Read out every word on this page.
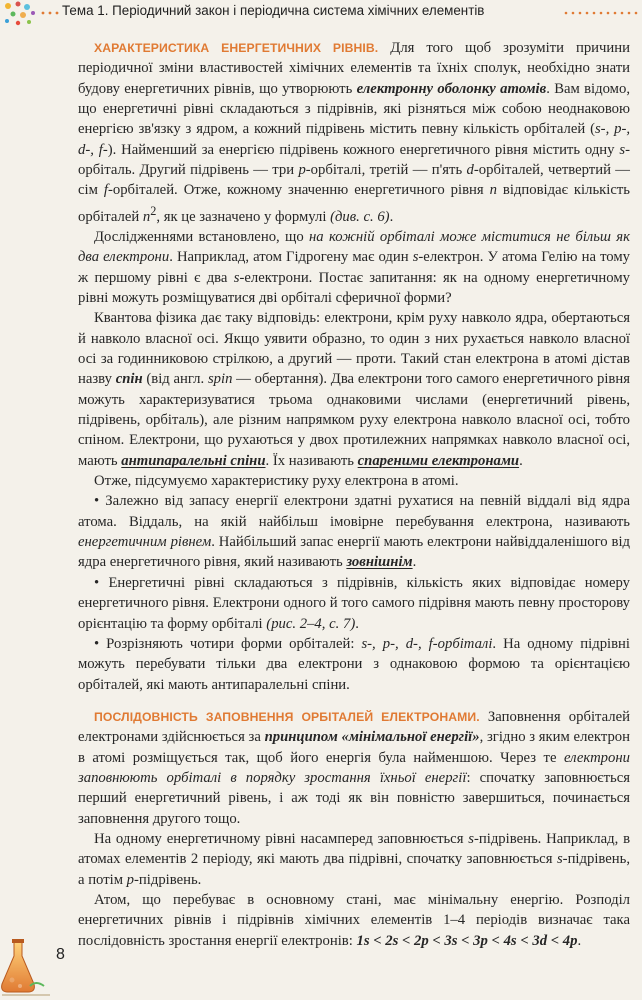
Тема 1. Періодичний закон і періодична система хімічних елементів

ХАРАКТЕРИСТИКА ЕНЕРГЕТИЧНИХ РІВНІВ. Для того щоб зрозуміти причини періодичної зміни властивостей хімічних елементів та їхніх сполук, необхідно знати будову енергетичних рівнів, що утворюють електронну оболонку атомів. Вам відомо, що енергетичні рівні складаються з підрівнів, які різняться між собою неоднаковою енергією зв'язку з ядром, а кожний підрівень містить певну кількість орбіталей (s-, p-, d-, f-). Найменший за енергією підрівень кожного енергетичного рівня містить одну s-орбіталь. Другий підрівень — три p-орбіталі, третій — п'ять d-орбіталей, четвертий — сім f-орбіталей. Отже, кожному значенню енергетичного рівня n відповідає кількість орбіталей $n^2$, як це зазначено у формулі (див. с. 6).

Дослідженнями встановлено, що на кожній орбіталі може міститися не більш як два електрони. Наприклад, атом Гідрогену має один s-електрон. У атома Гелію на тому ж першому рівні є два s-електрони. Постає запитання: як на одному енергетичному рівні можуть розміщуватися дві орбіталі сферичної форми?

Квантова фізика дає таку відповідь: електрони, крім руху навколо ядра, обертаються й навколо власної осі. Якщо уявити образно, то один з них рухається навколо власної осі за годинниковою стрілкою, а другий — проти. Такий стан електрона в атомі дістав назву спін (від англ. spin — обертання). Два електрони того самого енергетичного рівня можуть характеризуватися трьома однаковими числами (енергетичний рівень, підрівень, орбіталь), але різним напрямком руху електрона навколо власної осі, тобто спіном. Електрони, що рухаються у двох протилежних напрямках навколо власної осі, мають антипаралельні спіни. Їх називають спареними електронами.

Отже, підсумуємо характеристику руху електрона в атомі.

• Залежно від запасу енергії електрони здатні рухатися на певній віддалі від ядра атома. Віддаль, на якій найбільш імовірне перебування електрона, називають енергетичним рівнем. Найбільший запас енергії мають електрони найвіддаленішого від ядра енергетичного рівня, який називають зовнішнім.

• Енергетичні рівні складаються з підрівнів, кількість яких відповідає номеру енергетичного рівня. Електрони одного й того самого підрівня мають певну просторову орієнтацію та форму орбіталі (рис. 2–4, с. 7).

• Розрізняють чотири форми орбіталей: s-, p-, d-, f-орбіталі. На одному підрівні можуть перебувати тільки два електрони з однаковою формою та орієнтацією орбіталей, які мають антипаралельні спіни.

ПОСЛІДОВНІСТЬ ЗАПОВНЕННЯ ОРБІТАЛЕЙ ЕЛЕКТРОНАМИ. Заповнення орбіталей електронами здійснюється за принципом «мінімальної енергії», згідно з яким електрон в атомі розміщується так, щоб його енергія була найменшою. Через те електрони заповнюють орбіталі в порядку зростання їхньої енергії: спочатку заповнюється перший енергетичний рівень, і аж тоді як він повністю завершиться, починається заповнення другого тощо.

На одному енергетичному рівні насамперед заповнюється s-підрівень. Наприклад, в атомах елементів 2 періоду, які мають два підрівні, спочатку заповнюється s-підрівень, а потім p-підрівень.

Атом, що перебуває в основному стані, має мінімальну енергію. Розподіл енергетичних рівнів і підрівнів хімічних елементів 1–4 періодів визначає така послідовність зростання енергії електронів: 1s < 2s < 2p < 3s < 3p < 4s < 3d < 4p.

8
